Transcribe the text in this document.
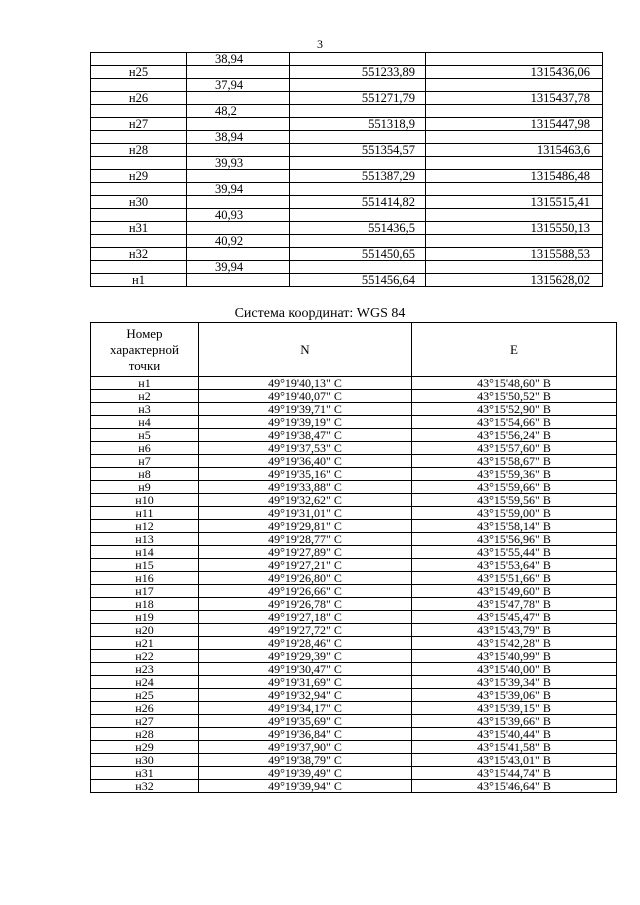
3
	38,94		
н25		551233,89	1315436,06
	37,94		
н26		551271,79	1315437,78
	48,2		
н27		551318,9	1315447,98
	38,94		
н28		551354,57	1315463,6
	39,93		
н29		551387,29	1315486,48
	39,94		
н30		551414,82	1315515,41
	40,93		
н31		551436,5	1315550,13
	40,92		
н32		551450,65	1315588,53
	39,94		
н1		551456,64	1315628,02
Система координат: WGS 84
Номер характерной точки	N	E
н1	49°19'40,13" С	43°15'48,60" В
н2	49°19'40,07" С	43°15'50,52" В
н3	49°19'39,71" С	43°15'52,90" В
н4	49°19'39,19" С	43°15'54,66" В
н5	49°19'38,47" С	43°15'56,24" В
н6	49°19'37,53" С	43°15'57,60" В
н7	49°19'36,40" С	43°15'58,67" В
н8	49°19'35,16" С	43°15'59,36" В
н9	49°19'33,88" С	43°15'59,66" В
н10	49°19'32,62" С	43°15'59,56" В
н11	49°19'31,01" С	43°15'59,00" В
н12	49°19'29,81" С	43°15'58,14" В
н13	49°19'28,77" С	43°15'56,96" В
н14	49°19'27,89" С	43°15'55,44" В
н15	49°19'27,21" С	43°15'53,64" В
н16	49°19'26,80" С	43°15'51,66" В
н17	49°19'26,66" С	43°15'49,60" В
н18	49°19'26,78" С	43°15'47,78" В
н19	49°19'27,18" С	43°15'45,47" В
н20	49°19'27,72" С	43°15'43,79" В
н21	49°19'28,46" С	43°15'42,28" В
н22	49°19'29,39" С	43°15'40,99" В
н23	49°19'30,47" С	43°15'40,00" В
н24	49°19'31,69" С	43°15'39,34" В
н25	49°19'32,94" С	43°15'39,06" В
н26	49°19'34,17" С	43°15'39,15" В
н27	49°19'35,69" С	43°15'39,66" В
н28	49°19'36,84" С	43°15'40,44" В
н29	49°19'37,90" С	43°15'41,58" В
н30	49°19'38,79" С	43°15'43,01" В
н31	49°19'39,49" С	43°15'44,74" В
н32	49°19'39,94" С	43°15'46,64" В
